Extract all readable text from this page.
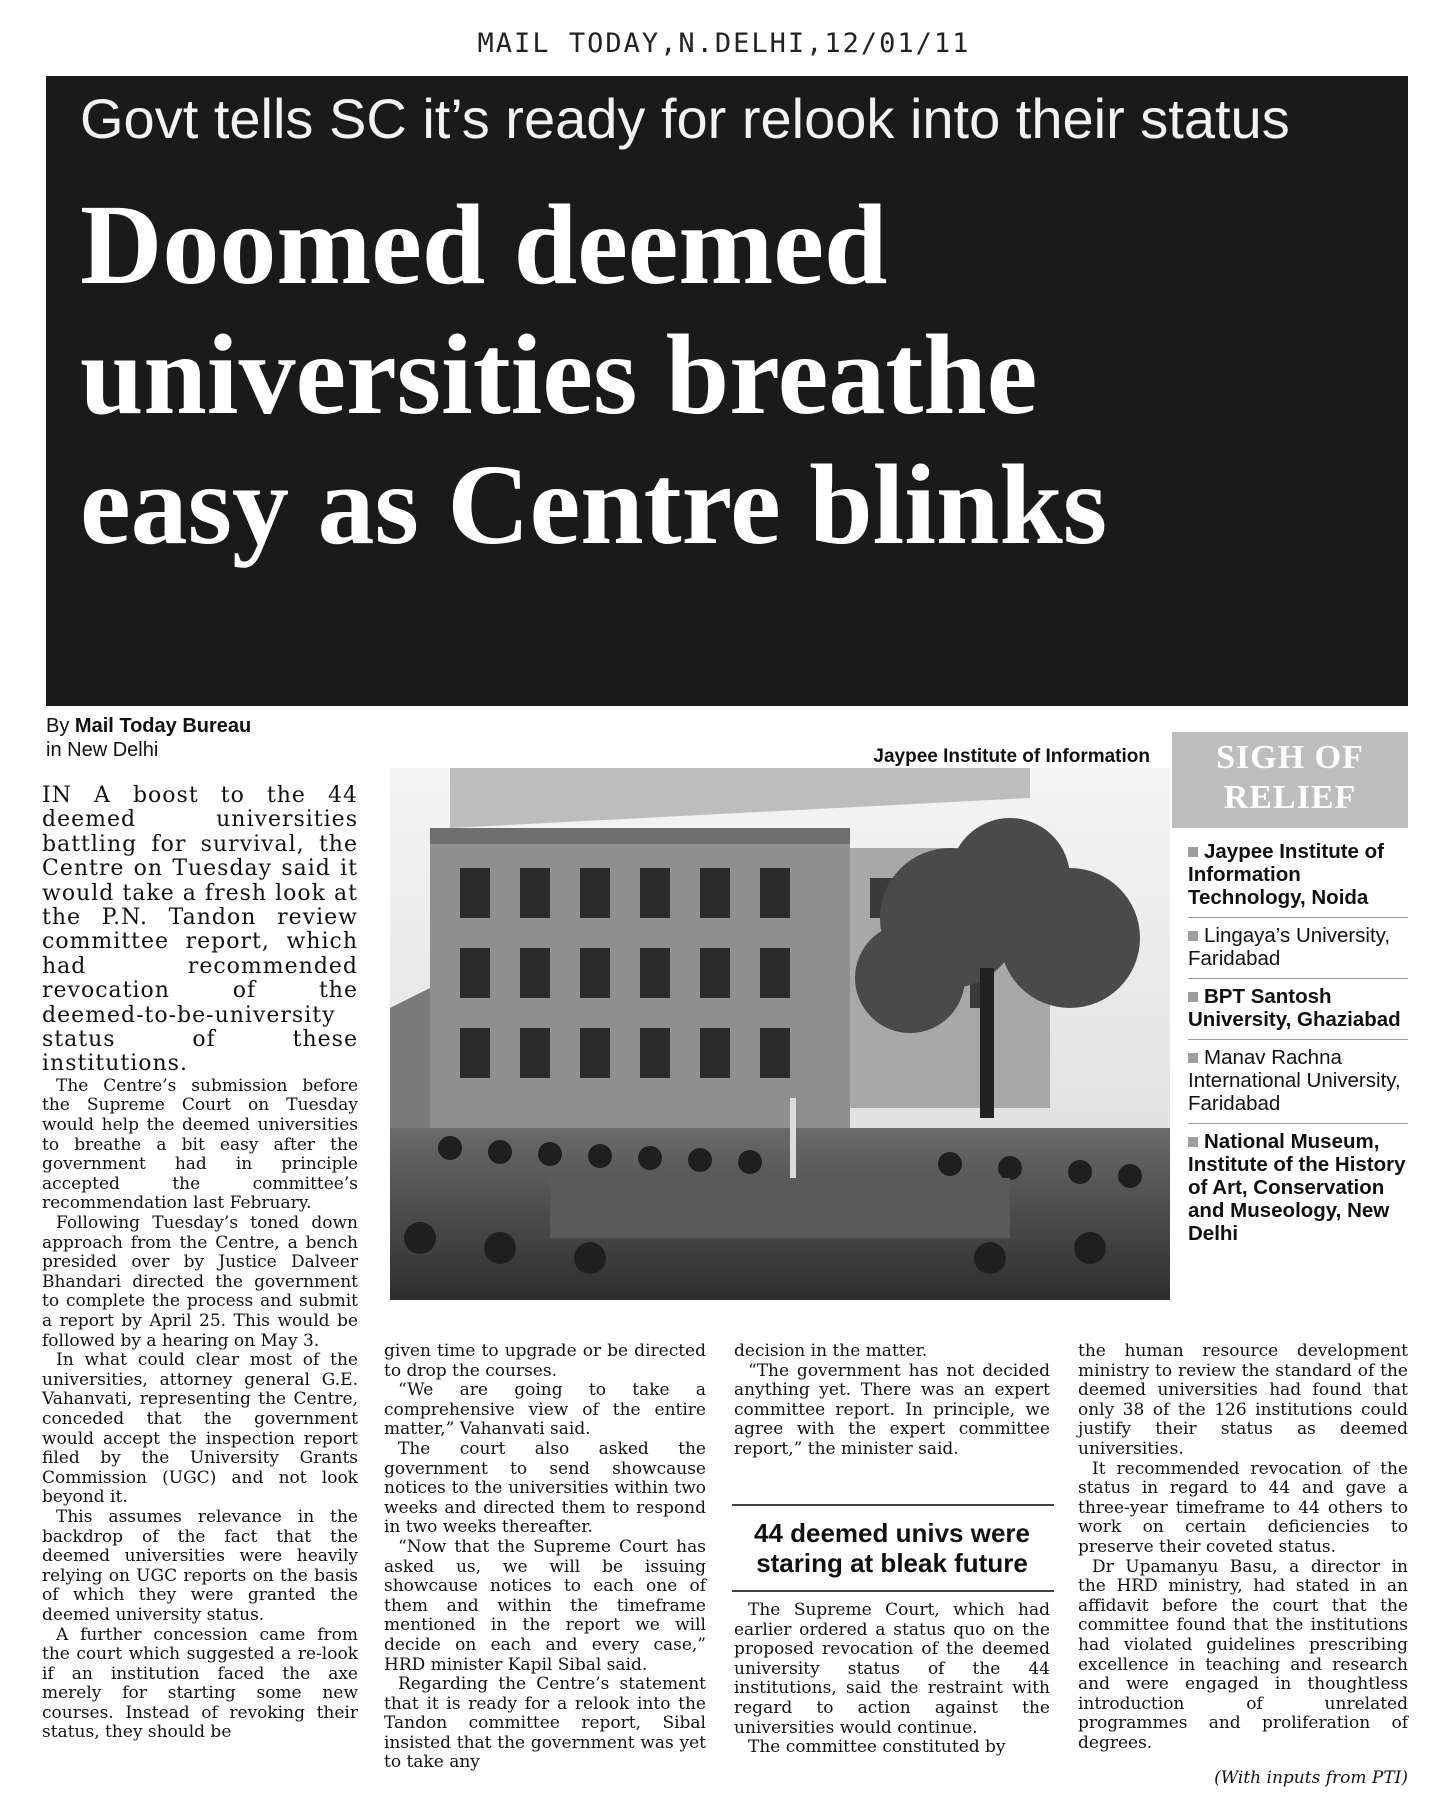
MAIL TODAY,N.DELHI,12/01/11
Govt tells SC it’s ready for relook into their status
Doomed deemed
universities breathe
easy as Centre blinks
By Mail Today Bureau
in New Delhi

IN A boost to the 44 deemed universities battling for survival, the Centre on Tuesday said it would take a fresh look at the P.N. Tandon review committee report, which had recommended revocation of the deemed-to-be-university status of these institutions.

The Centre’s submission before the Supreme Court on Tuesday would help the deemed universities to breathe a bit easy after the government had in principle accepted the committee’s recommendation last February.

Following Tuesday’s toned down approach from the Centre, a bench presided over by Justice Dalveer Bhandari directed the government to complete the process and submit a report by April 25. This would be followed by a hearing on May 3.

In what could clear most of the universities, attorney general G.E. Vahanvati, representing the Centre, conceded that the government would accept the inspection report filed by the University Grants Commission (UGC) and not look beyond it.

This assumes relevance in the backdrop of the fact that the deemed universities were heavily relying on UGC reports on the basis of which they were granted the deemed university status.

A further concession came from the court which suggested a re-look if an institution faced the axe merely for starting some new courses. Instead of revoking their status, they should be

Jaypee Institute of Information	SIGH OF
RELIEF
Jaypee Institute of Information Technology, Noida
Lingaya’s University, Faridabad
BPT Santosh University, Ghaziabad
Manav Rachna International University, Faridabad
National Museum, Institute of the History of Art, Conservation and Museology, New Delhi

given time to upgrade or be directed to drop the courses.

“We are going to take a comprehensive view of the entire matter,” Vahanvati said.

The court also asked the government to send showcause notices to the universities within two weeks and directed them to respond in two weeks thereafter.

“Now that the Supreme Court has asked us, we will be issuing showcause notices to each one of them and within the timeframe mentioned in the report we will decide on each and every case,” HRD minister Kapil Sibal said.

Regarding the Centre’s statement that it is ready for a relook into the Tandon committee report, Sibal insisted that the government was yet to take any

decision in the matter.

“The government has not decided anything yet. There was an expert committee report. In principle, we agree with the expert committee report,” the minister said.

44 deemed univs were staring at bleak future

The Supreme Court, which had earlier ordered a status quo on the proposed revocation of the deemed university status of the 44 institutions, said the restraint with regard to action against the universities would continue.

The committee constituted by

the human resource development ministry to review the standard of the deemed universities had found that only 38 of the 126 institutions could justify their status as deemed universities.

It recommended revocation of the status in regard to 44 and gave a three-year timeframe to 44 others to work on certain deficiencies to preserve their coveted status.

Dr Upamanyu Basu, a director in the HRD ministry, had stated in an affidavit before the court that the committee found that the institutions had violated guidelines prescribing excellence in teaching and research and were engaged in thoughtless introduction of unrelated programmes and proliferation of degrees.

(With inputs from PTI)
